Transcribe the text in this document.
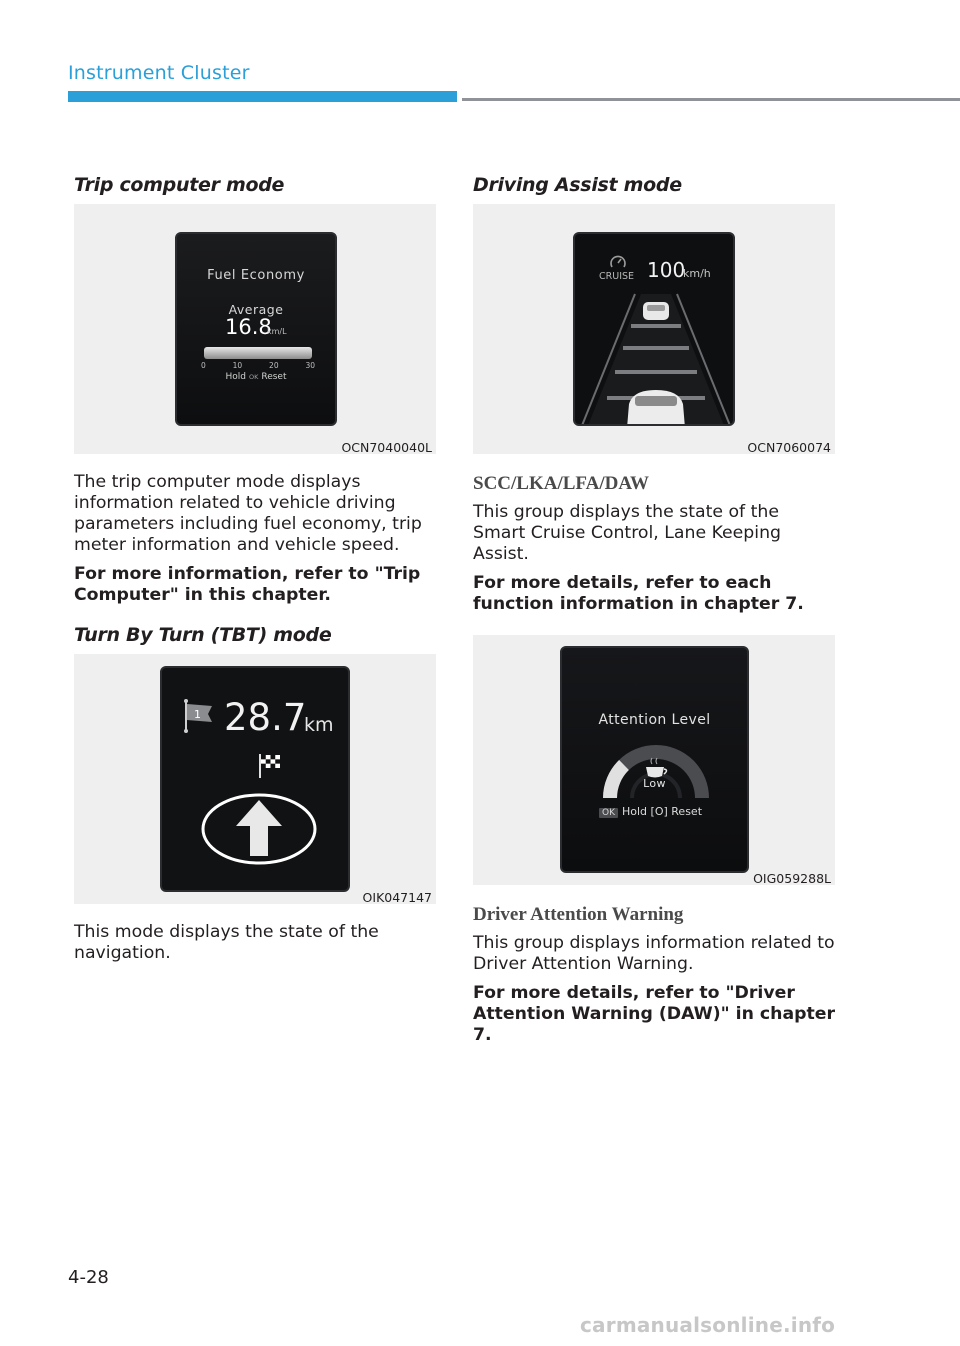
Instrument Cluster
Trip computer mode
Fuel Economy
Average
16.8
km/L
0	10	20	30
Hold OK Reset
OCN7040040L

The trip computer mode displays information related to vehicle driving parameters including fuel economy, trip meter information and vehicle speed.

For more information, refer to "Trip Computer" in this chapter.

Turn By Turn (TBT) mode
1 28.7
km
OIK047147

This mode displays the state of the navigation.

Driving Assist mode
CRUISE 100
km/h
OCN7060074
SCC/LKA/LFA/DAW

This group displays the state of the Smart Cruise Control, Lane Keeping Assist.

For more details, refer to each function information in chapter 7.

Attention Level
Low
OK Hold [O] Reset
OIG059288L
Driver Attention Warning

This group displays information related to Driver Attention Warning.

For more details, refer to "Driver Attention Warning (DAW)" in chapter 7.

4-28
carmanualsonline.info
